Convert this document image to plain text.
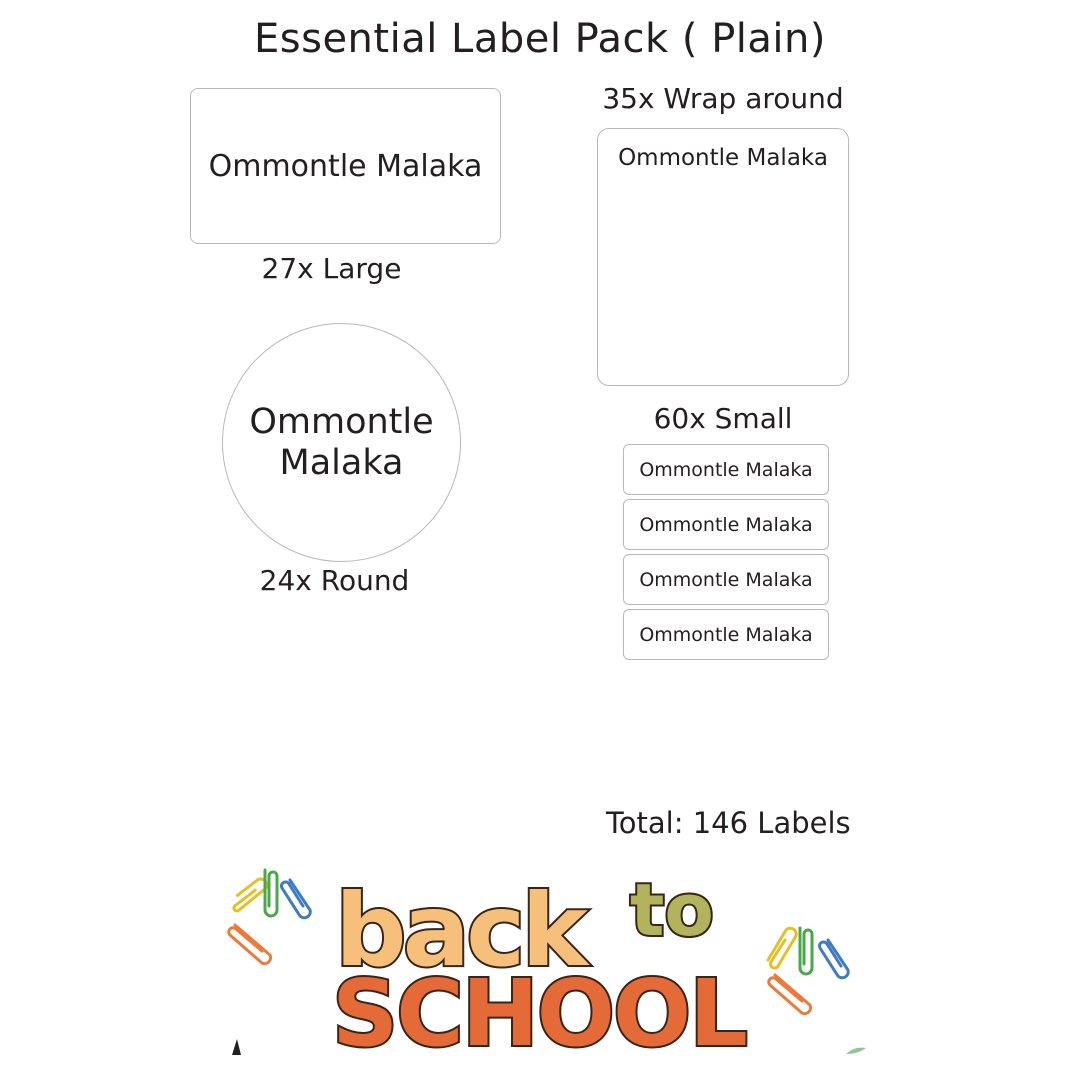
Essential Label Pack ( Plain)
Ommontle Malaka
27x Large
35x Wrap around
Ommontle Malaka
Ommontle Malaka
24x Round
60x Small
Ommontle Malaka
Ommontle Malaka
Ommontle Malaka
Ommontle Malaka
Total: 146 Labels
back to
SCHOOL
